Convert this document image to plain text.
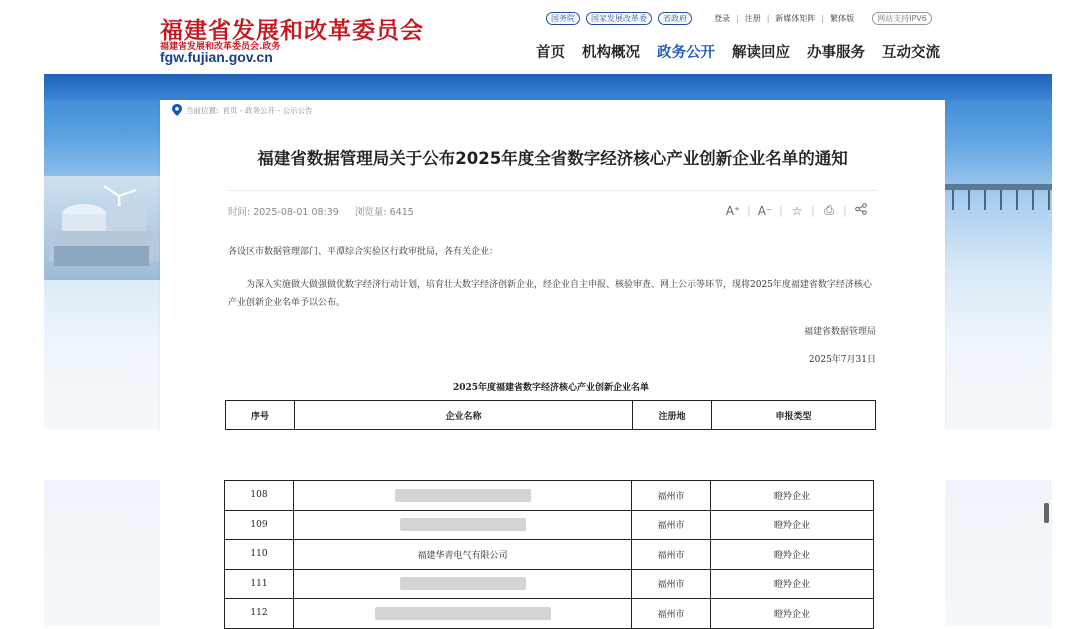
福建省发展和改革委员会
福建省发展和改革委员会.政务
fgw.fujian.gov.cn
国务院	国家发展改革委	省政府	登录 | 注册 | 新媒体矩阵 | 繁体版	网站支持IPV6
首页 机构概况 政务公开 解读回应 办事服务 互动交流
当前位置: 首页 - 政务公开 - 公示公告
福建省数据管理局关于公布2025年度全省数字经济核心产业创新企业名单的通知
时间: 2025-08-01 08:39 浏览量: 6415	A⁺ | A⁻ | ☆ | ⎙ |
各设区市数据管理部门、平潭综合实验区行政审批局，各有关企业：
为深入实施做大做强做优数字经济行动计划，培育壮大数字经济创新企业，经企业自主申报、核验审查、网上公示等环节，现将2025年度福建省数字经济核心产业创新企业名单予以公布。
福建省数据管理局
2025年7月31日
2025年度福建省数字经济核心产业创新企业名单
序号	企业名称	注册地	申报类型
108		福州市	瞪羚企业
109		福州市	瞪羚企业
110	福建华青电气有限公司	福州市	瞪羚企业
111		福州市	瞪羚企业
112		福州市	瞪羚企业
